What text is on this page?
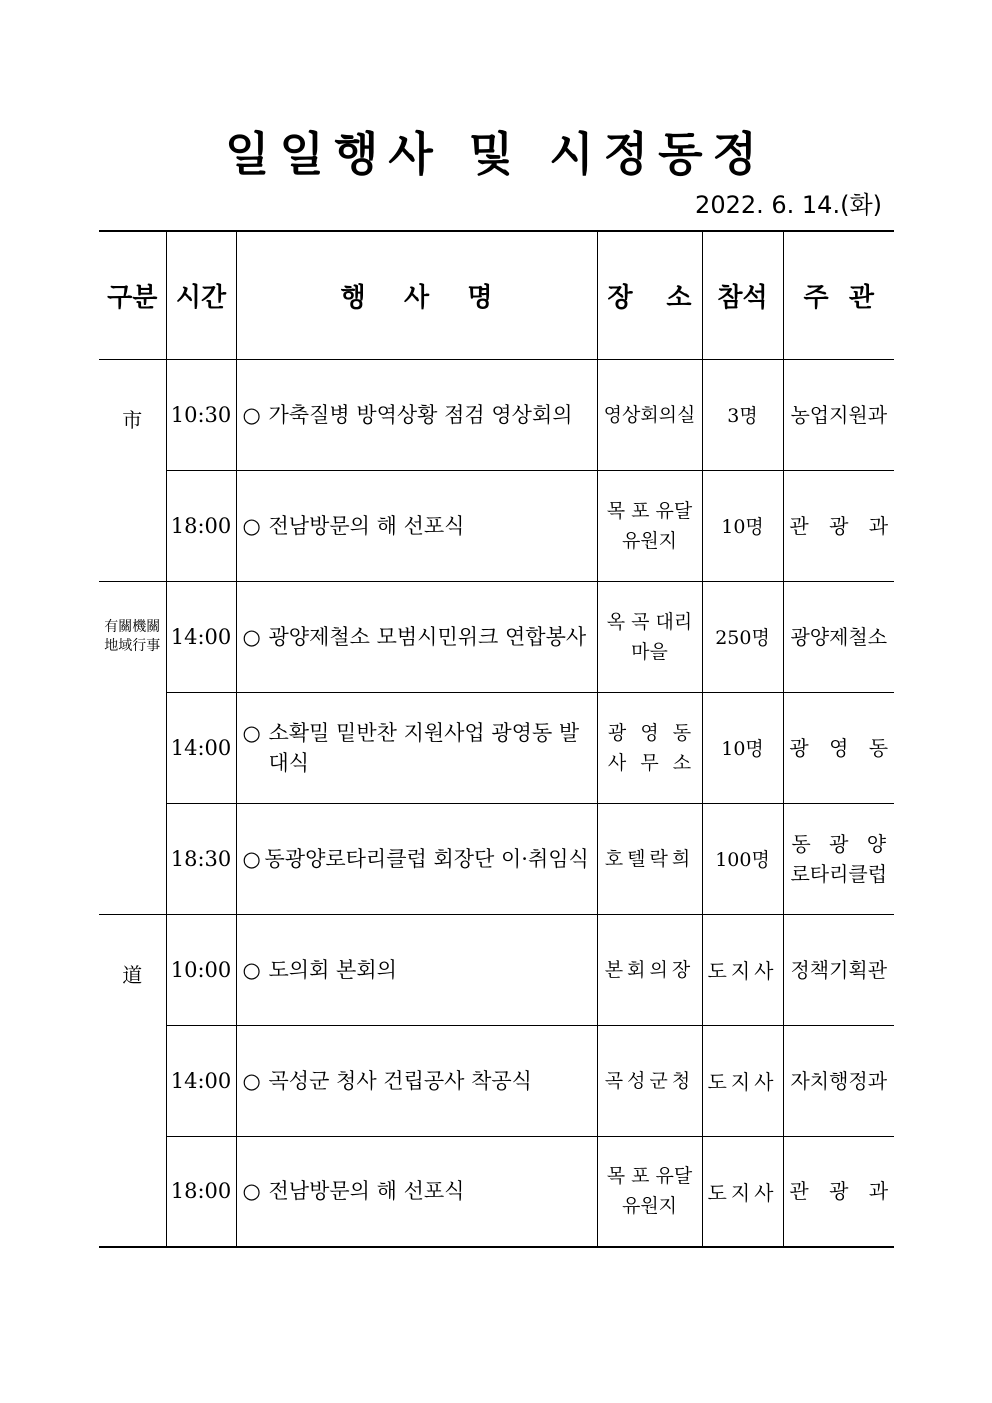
일일행사 및 시정동정
2022. 6. 14.(화)
구분	시간	행 사 명	장 소	참석	주 관

市	10:30	○ 가축질병 방역상황 점검 영상회의	영상회의실	3명	농업지원과
	18:00	○ 전남방문의 해 선포식	목 포 유달유원지	10명	관 광 과
有關機關 地域行事	14:00	○ 광양제철소 모범시민위크 연합봉사	옥 곡 대리마을	250명	광양제철소
	14:00	○ 소확밀 밑반찬 지원사업 광영동 발대식	광 영 동 사 무 소	10명	광 영 동
	18:30	○ 동광양로타리클럽 회장단 이·취임식	호텔락희	100명	동 광 양 로타리클럽
道	10:00	○ 도의회 본회의	본회의장	도지사	정책기획관
	14:00	○ 곡성군 청사 건립공사 착공식	곡성군청	도지사	자치행정과
	18:00	○ 전남방문의 해 선포식	목 포 유달유원지	도지사	관 광 과
